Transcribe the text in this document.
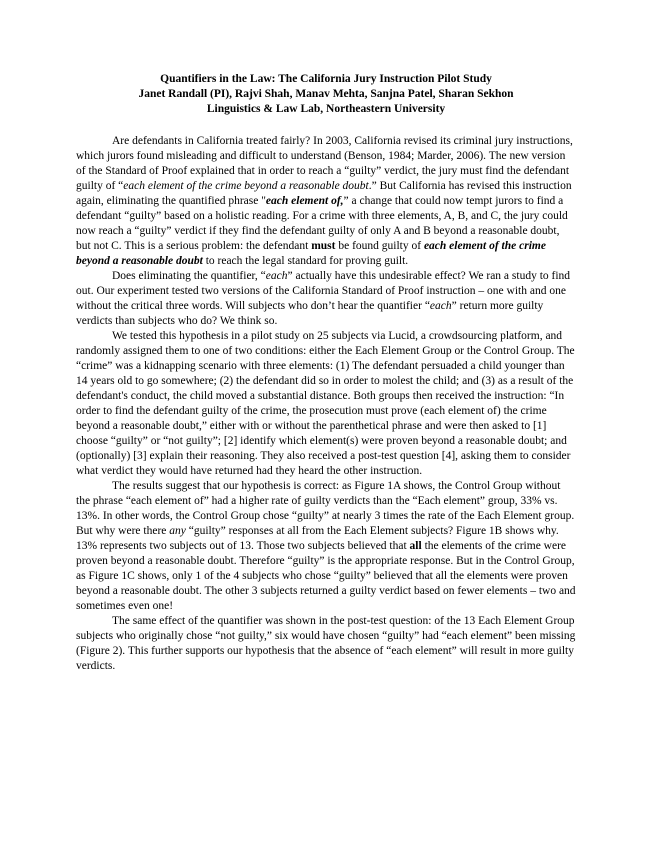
Quantifiers in the Law: The California Jury Instruction Pilot Study
Janet Randall (PI), Rajvi Shah, Manav Mehta, Sanjna Patel, Sharan Sekhon
Linguistics & Law Lab, Northeastern University

Are defendants in California treated fairly? In 2003, California revised its criminal jury instructions, which jurors found misleading and difficult to understand (Benson, 1984; Marder, 2006). The new version of the Standard of Proof explained that in order to reach a “guilty” verdict, the jury must find the defendant guilty of “each element of the crime beyond a reasonable doubt.” But California has revised this instruction again, eliminating the quantified phrase "each element of,” a change that could now tempt jurors to find a defendant “guilty” based on a holistic reading. For a crime with three elements, A, B, and C, the jury could now reach a “guilty” verdict if they find the defendant guilty of only A and B beyond a reasonable doubt, but not C. This is a serious problem: the defendant must be found guilty of each element of the crime beyond a reasonable doubt to reach the legal standard for proving guilt.

Does eliminating the quantifier, “each” actually have this undesirable effect? We ran a study to find out. Our experiment tested two versions of the California Standard of Proof instruction – one with and one without the critical three words. Will subjects who don’t hear the quantifier “each” return more guilty verdicts than subjects who do? We think so.

We tested this hypothesis in a pilot study on 25 subjects via Lucid, a crowdsourcing platform, and randomly assigned them to one of two conditions: either the Each Element Group or the Control Group. The “crime” was a kidnapping scenario with three elements: (1) The defendant persuaded a child younger than 14 years old to go somewhere; (2) the defendant did so in order to molest the child; and (3) as a result of the defendant's conduct, the child moved a substantial distance. Both groups then received the instruction: “In order to find the defendant guilty of the crime, the prosecution must prove (each element of) the crime beyond a reasonable doubt,” either with or without the parenthetical phrase and were then asked to [1] choose “guilty” or “not guilty”; [2] identify which element(s) were proven beyond a reasonable doubt; and (optionally) [3] explain their reasoning. They also received a post-test question [4], asking them to consider what verdict they would have returned had they heard the other instruction.

The results suggest that our hypothesis is correct: as Figure 1A shows, the Control Group without the phrase “each element of” had a higher rate of guilty verdicts than the “Each element” group, 33% vs. 13%. In other words, the Control Group chose “guilty” at nearly 3 times the rate of the Each Element group. But why were there any “guilty” responses at all from the Each Element subjects? Figure 1B shows why. 13% represents two subjects out of 13. Those two subjects believed that all the elements of the crime were proven beyond a reasonable doubt. Therefore “guilty” is the appropriate response. But in the Control Group, as Figure 1C shows, only 1 of the 4 subjects who chose “guilty” believed that all the elements were proven beyond a reasonable doubt. The other 3 subjects returned a guilty verdict based on fewer elements – two and sometimes even one!

The same effect of the quantifier was shown in the post-test question: of the 13 Each Element Group subjects who originally chose “not guilty,” six would have chosen “guilty” had “each element” been missing (Figure 2). This further supports our hypothesis that the absence of “each element” will result in more guilty verdicts.
